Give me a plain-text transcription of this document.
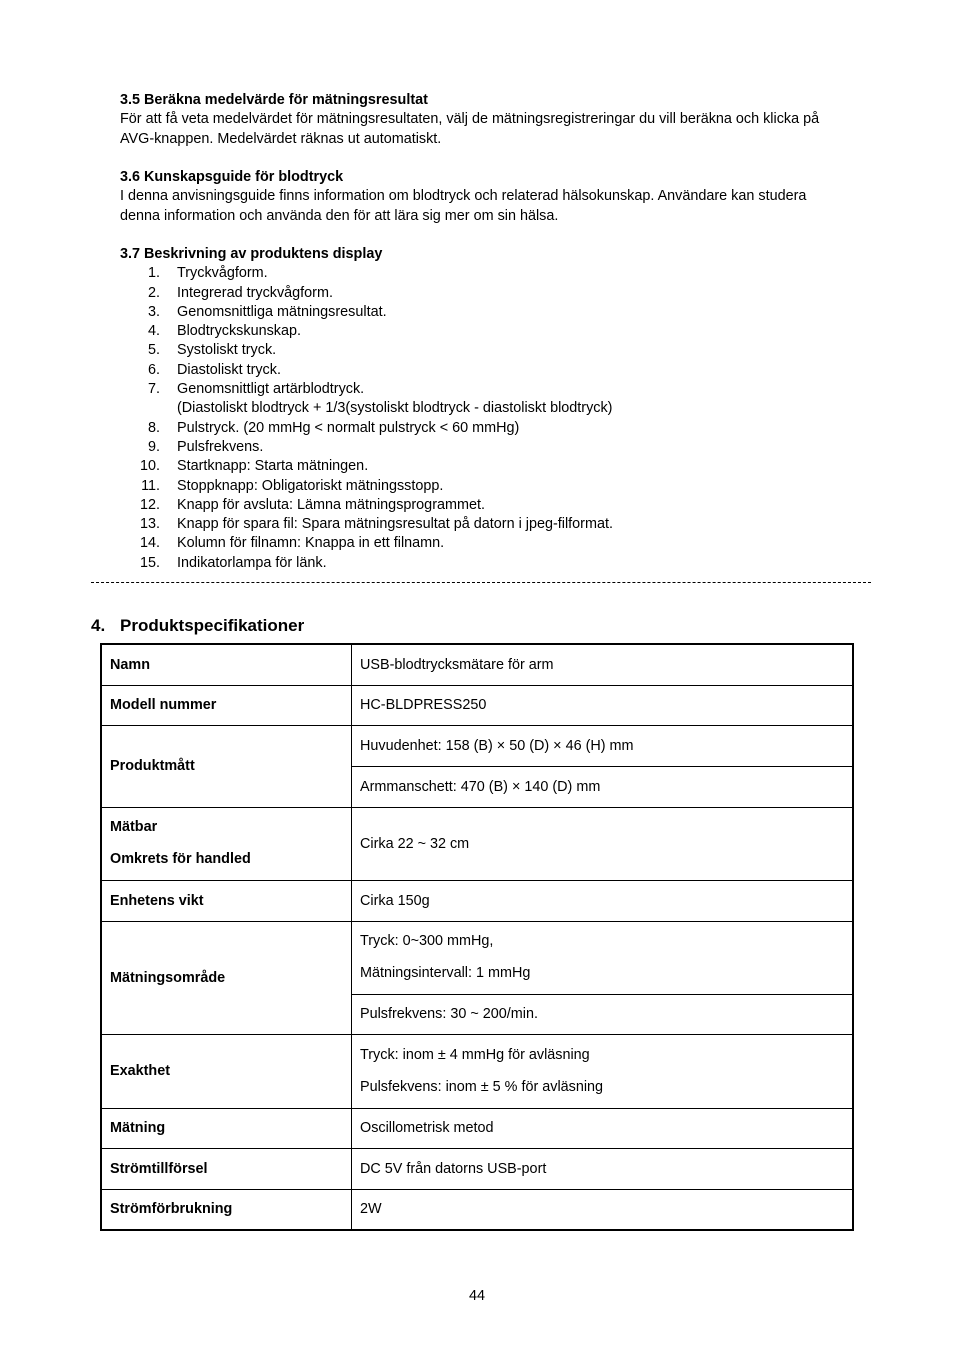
3.5 Beräkna medelvärde för mätningsresultat

För att få veta medelvärdet för mätningsresultaten, välj de mätningsregistreringar du vill beräkna och klicka på AVG-knappen. Medelvärdet räknas ut automatiskt.

3.6 Kunskapsguide för blodtryck

I denna anvisningsguide finns information om blodtryck och relaterad hälsokunskap. Användare kan studera denna information och använda den för att lära sig mer om sin hälsa.

3.7 Beskrivning av produktens display
1. Tryckvågform.
2. Integrerad tryckvågform.
3. Genomsnittliga mätningsresultat.
4. Blodtryckskunskap.
5. Systoliskt tryck.
6. Diastoliskt tryck.
7. Genomsnittligt artärblodtryck.
(Diastoliskt blodtryck + 1/3(systoliskt blodtryck - diastoliskt blodtryck)
8. Pulstryck. (20 mmHg < normalt pulstryck < 60 mmHg)
9. Pulsfrekvens.
10. Startknapp: Starta mätningen.
11. Stoppknapp: Obligatoriskt mätningsstopp.
12. Knapp för avsluta: Lämna mätningsprogrammet.
13. Knapp för spara fil: Spara mätningsresultat på datorn i jpeg-filformat.
14. Kolumn för filnamn: Knappa in ett filnamn.
15. Indikatorlampa för länk.
4. Produktspecifikationer
Namn	USB-blodtrycksmätare för arm
Modell nummer	HC-BLDPRESS250
Produktmått	Huvudenhet: 158 (B) × 50 (D) × 46 (H) mm
	Armmanschett: 470 (B) × 140 (D) mm

Mätbar

Omkrets för handled	Cirka 22 ~ 32 cm
Enhetens vikt	Cirka 150g
Mätningsområde	Tryck: 0~300 mmHg,

Mätningsintervall: 1 mmHg

	Pulsfrekvens: 30 ~ 200/min.
Exakthet	Tryck: inom ± 4 mmHg för avläsning

Pulsfekvens: inom ± 5 % för avläsning

Mätning	Oscillometrisk metod
Strömtillförsel	DC 5V från datorns USB-port
Strömförbrukning	2W
44
